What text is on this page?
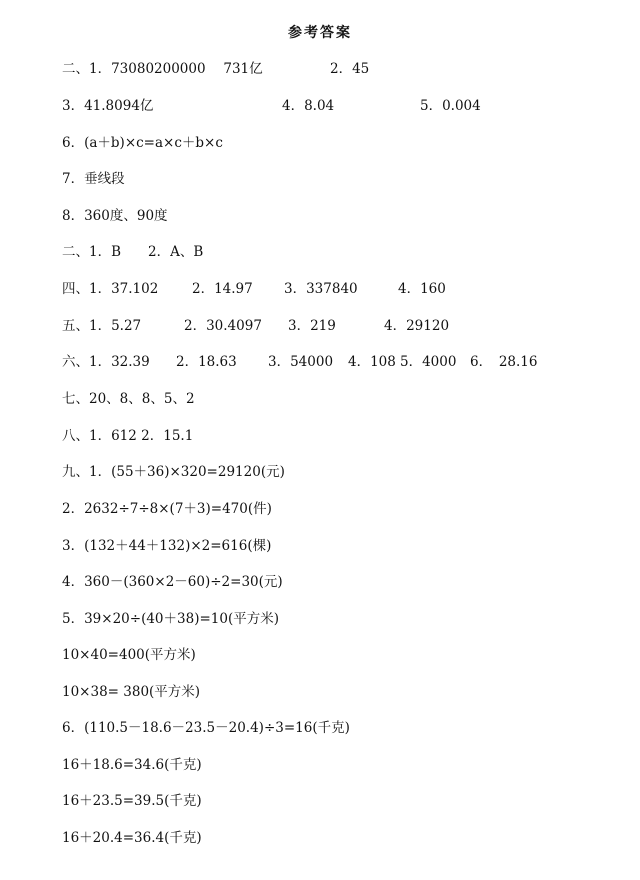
参考答案
二、1．73080200000　 731亿	2．45
3．41.8094亿	4．8.04	5．0.004
6．(a＋b)×c=a×c＋b×c
7．垂线段
8．360度、90度
二、1．B　　2．A、B
四、1．37.102 2．14.97 3．337840	4．160
五、1．5.27	2．30.4097 3．219	4．29120
六、1．32.39 2．18.63 3．54000 4．108 5．4000 6．　28.16
七、20、8、8、5、2
八、1．612 2．15.1
九、1．(55＋36)×320=29120(元)
2．2632÷7÷8×(7＋3)=470(件)
3．(132＋44＋132)×2=616(棵)
4．360－(360×2－60)÷2=30(元)
5．39×20÷(40＋38)=10(平方米)
10×40=400(平方米)
10×38= 380(平方米)
6．(110.5－18.6－23.5－20.4)÷3=16(千克)
16＋18.6=34.6(千克)
16＋23.5=39.5(千克)
16＋20.4=36.4(千克)
